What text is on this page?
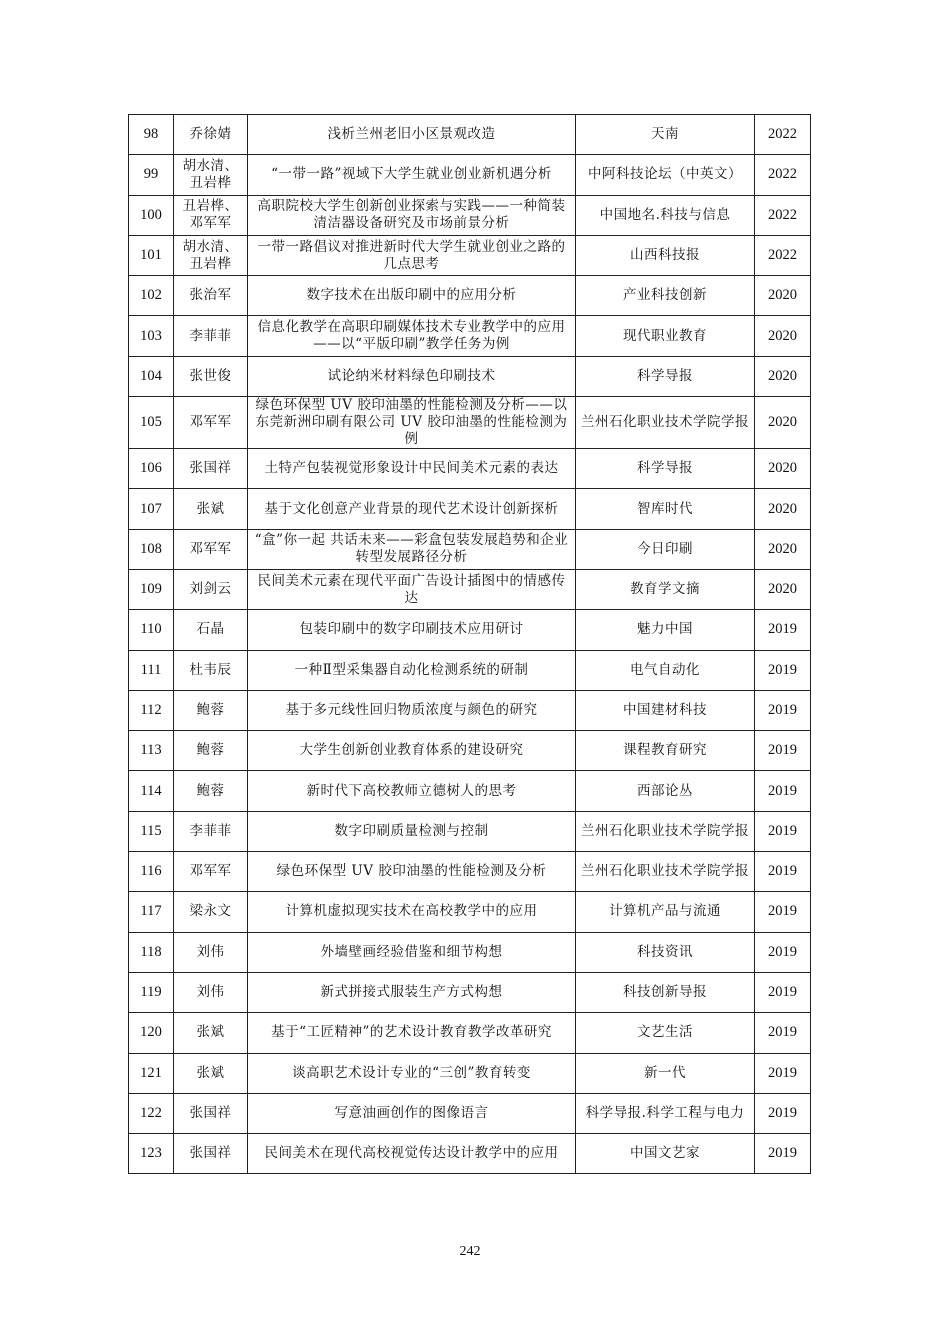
98	乔徐婧	浅析兰州老旧小区景观改造	天南	2022
99	胡水清、丑岩桦	“一带一路”视域下大学生就业创业新机遇分析	中阿科技论坛（中英文）	2022
100	丑岩桦、邓军军	高职院校大学生创新创业探索与实践——一种简装清洁器设备研究及市场前景分析	中国地名.科技与信息	2022
101	胡水清、丑岩桦	一带一路倡议对推进新时代大学生就业创业之路的几点思考	山西科技报	2022
102	张治军	数字技术在出版印刷中的应用分析	产业科技创新	2020
103	李菲菲	信息化教学在高职印刷媒体技术专业教学中的应用——以“平版印刷”教学任务为例	现代职业教育	2020
104	张世俊	试论纳米材料绿色印刷技术	科学导报	2020
105	邓军军	绿色环保型 UV 胶印油墨的性能检测及分析——以东莞新洲印刷有限公司 UV 胶印油墨的性能检测为例	兰州石化职业技术学院学报	2020
106	张国祥	土特产包装视觉形象设计中民间美术元素的表达	科学导报	2020
107	张斌	基于文化创意产业背景的现代艺术设计创新探析	智库时代	2020
108	邓军军	“盒”你一起 共话未来——彩盒包装发展趋势和企业转型发展路径分析	今日印刷	2020
109	刘剑云	民间美术元素在现代平面广告设计插图中的情感传达	教育学文摘	2020
110	石晶	包装印刷中的数字印刷技术应用研讨	魅力中国	2019
111	杜韦辰	一种Ⅱ型采集器自动化检测系统的研制	电气自动化	2019
112	鲍蓉	基于多元线性回归物质浓度与颜色的研究	中国建材科技	2019
113	鲍蓉	大学生创新创业教育体系的建设研究	课程教育研究	2019
114	鲍蓉	新时代下高校教师立德树人的思考	西部论丛	2019
115	李菲菲	数字印刷质量检测与控制	兰州石化职业技术学院学报	2019
116	邓军军	绿色环保型 UV 胶印油墨的性能检测及分析	兰州石化职业技术学院学报	2019
117	梁永文	计算机虚拟现实技术在高校教学中的应用	计算机产品与流通	2019
118	刘伟	外墙壁画经验借鉴和细节构想	科技资讯	2019
119	刘伟	新式拼接式服装生产方式构想	科技创新导报	2019
120	张斌	基于“工匠精神”的艺术设计教育教学改革研究	文艺生活	2019
121	张斌	谈高职艺术设计专业的“三创”教育转变	新一代	2019
122	张国祥	写意油画创作的图像语言	科学导报.科学工程与电力	2019
123	张国祥	民间美术在现代高校视觉传达设计教学中的应用	中国文艺家	2019
242
